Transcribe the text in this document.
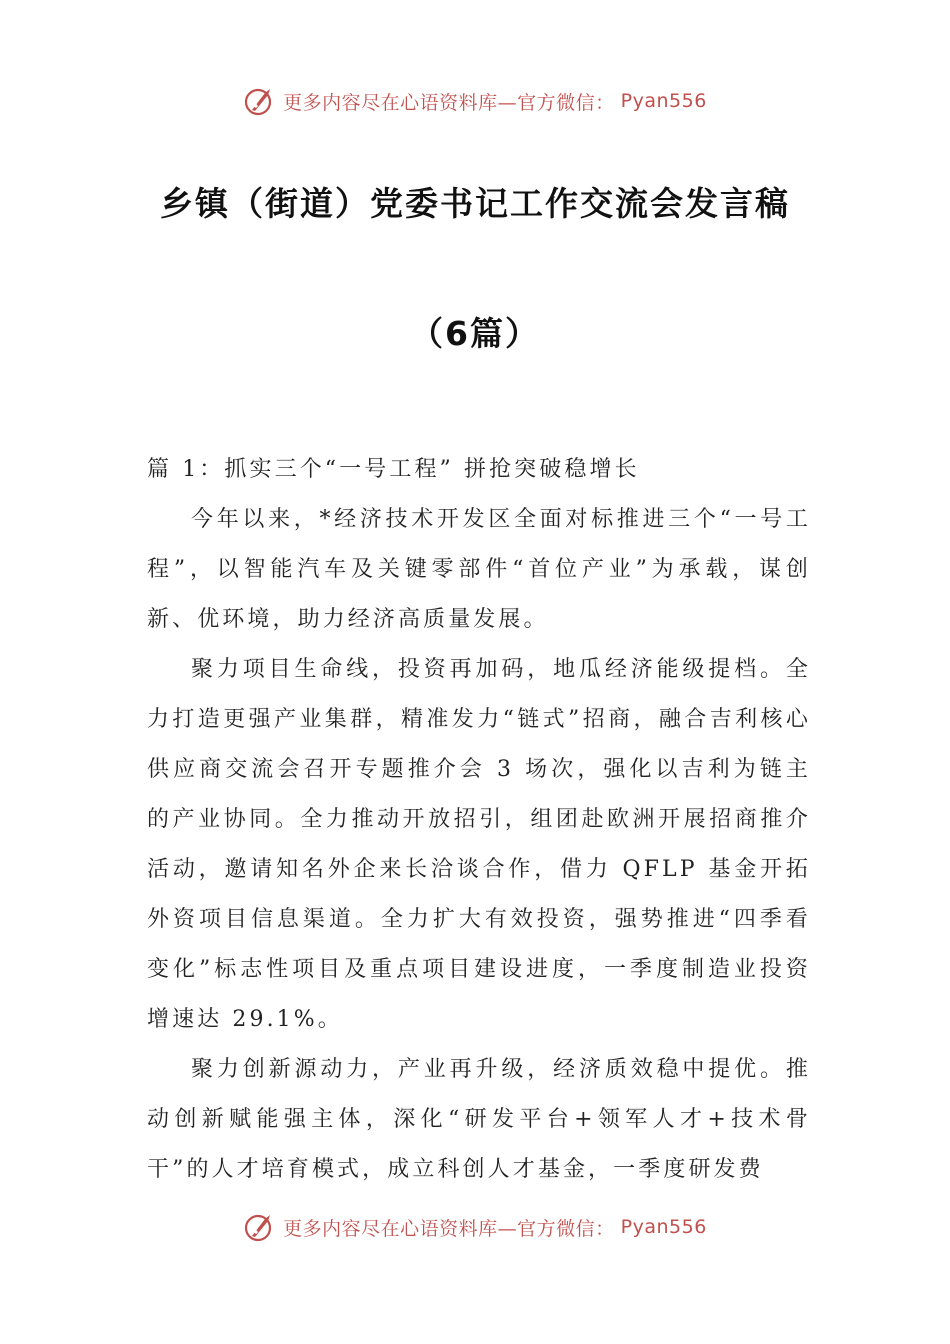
更多内容尽在心语资料库—官方微信： Pyan556
乡镇（街道）党委书记工作交流会发言稿
（6篇）

篇 1：抓实三个“一号工程” 拼抢突破稳增长

今年以来，*经济技术开发区全面对标推进三个“一号工程”，以智能汽车及关键零部件“首位产业”为承载，谋创新、优环境，助力经济高质量发展。

聚力项目生命线，投资再加码，地瓜经济能级提档。全力打造更强产业集群，精准发力“链式”招商，融合吉利核心供应商交流会召开专题推介会 3 场次，强化以吉利为链主的产业协同。全力推动开放招引，组团赴欧洲开展招商推介活动，邀请知名外企来长洽谈合作，借力 QFLP 基金开拓外资项目信息渠道。全力扩大有效投资，强势推进“四季看变化”标志性项目及重点项目建设进度，一季度制造业投资增速达 29.1%。

聚力创新源动力，产业再升级，经济质效稳中提优。推动创新赋能强主体，深化“研发平台+领军人才+技术骨干”的人才培育模式，成立科创人才基金，一季度研发费

更多内容尽在心语资料库—官方微信： Pyan556
